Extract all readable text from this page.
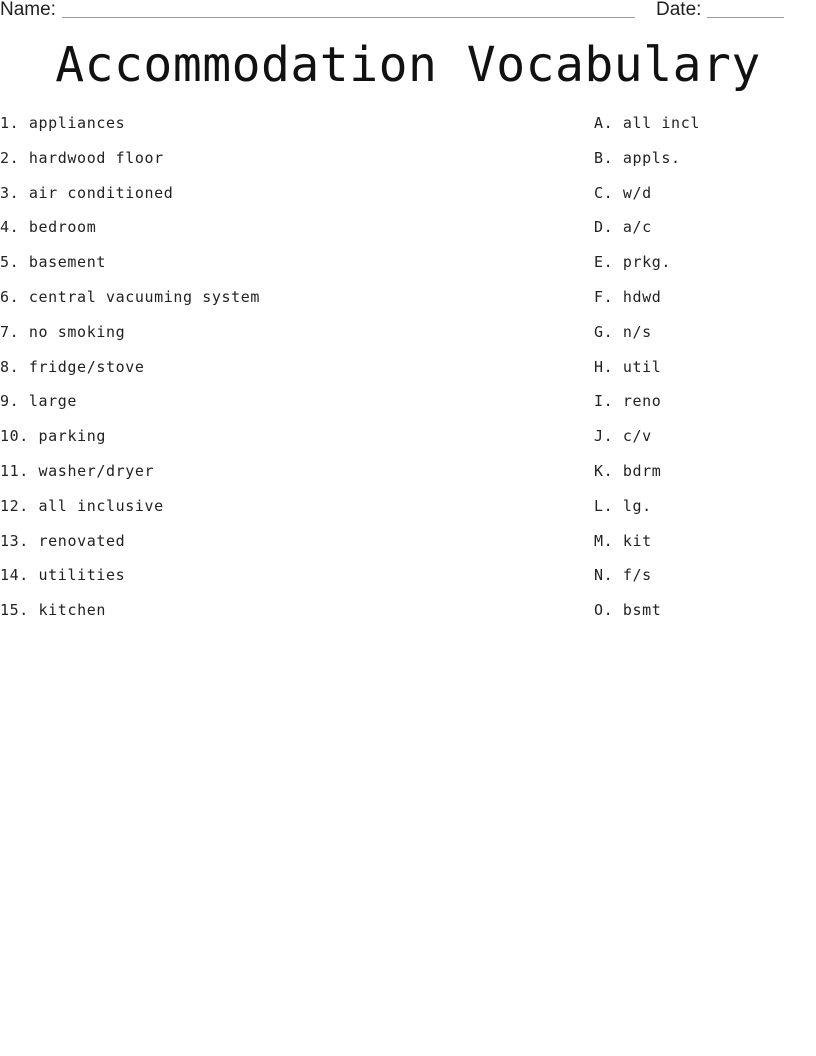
Name:	Date:
Accommodation Vocabulary
1. appliances
2. hardwood floor
3. air conditioned
4. bedroom
5. basement
6. central vacuuming system
7. no smoking
8. fridge/stove
9. large
10. parking
11. washer/dryer
12. all inclusive
13. renovated
14. utilities
15. kitchen
A. all incl
B. appls.
C. w/d
D. a/c
E. prkg.
F. hdwd
G. n/s
H. util
I. reno
J. c/v
K. bdrm
L. lg.
M. kit
N. f/s
O. bsmt
